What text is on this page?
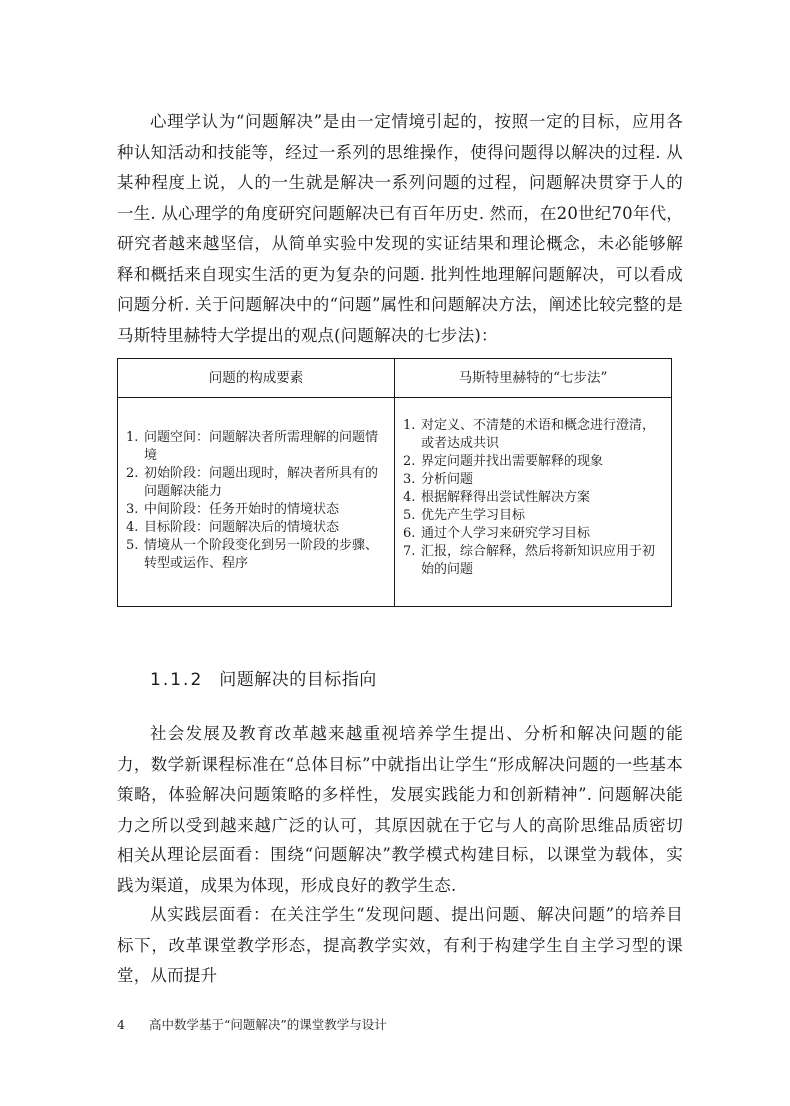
心理学认为“问题解决”是由一定情境引起的，按照一定的目标，应用各种认知活动和技能等，经过一系列的思维操作，使得问题得以解决的过程. 从某种程度上说，人的一生就是解决一系列问题的过程，问题解决贯穿于人的一生. 从心理学的角度研究问题解决已有百年历史. 然而，在20世纪70年代，研究者越来越坚信，从简单实验中发现的实证结果和理论概念，未必能够解释和概括来自现实生活的更为复杂的问题. 批判性地理解问题解决，可以看成问题分析. 关于问题解决中的“问题”属性和问题解决方法，阐述比较完整的是马斯特里赫特大学提出的观点(问题解决的七步法)：

问题的构成要素	马斯特里赫特的“七步法”
1. 问题空间：问题解决者所需理解的问题情境
2. 初始阶段：问题出现时，解决者所具有的问题解决能力
3. 中间阶段：任务开始时的情境状态
4. 目标阶段：问题解决后的情境状态
5. 情境从一个阶段变化到另一阶段的步骤、转型或运作、程序
1. 对定义、不清楚的术语和概念进行澄清，或者达成共识
2. 界定问题并找出需要解释的现象
3. 分析问题
4. 根据解释得出尝试性解决方案
5. 优先产生学习目标
6. 通过个人学习来研究学习目标
7. 汇报，综合解释，然后将新知识应用于初始的问题
1.1.2 问题解决的目标指向

社会发展及教育改革越来越重视培养学生提出、分析和解决问题的能力，数学新课程标准在“总体目标”中就指出让学生“形成解决问题的一些基本策略，体验解决问题策略的多样性，发展实践能力和创新精神”. 问题解决能力之所以受到越来越广泛的认可，其原因就在于它与人的高阶思维品质密切相关.

从理论层面看：围绕“问题解决”教学模式构建目标，以课堂为载体，实践为渠道，成果为体现，形成良好的教学生态.

从实践层面看：在关注学生“发现问题、提出问题、解决问题”的培养目标下，改革课堂教学形态，提高教学实效，有利于构建学生自主学习型的课堂，从而提升

4 高中数学基于“问题解决”的课堂教学与设计
